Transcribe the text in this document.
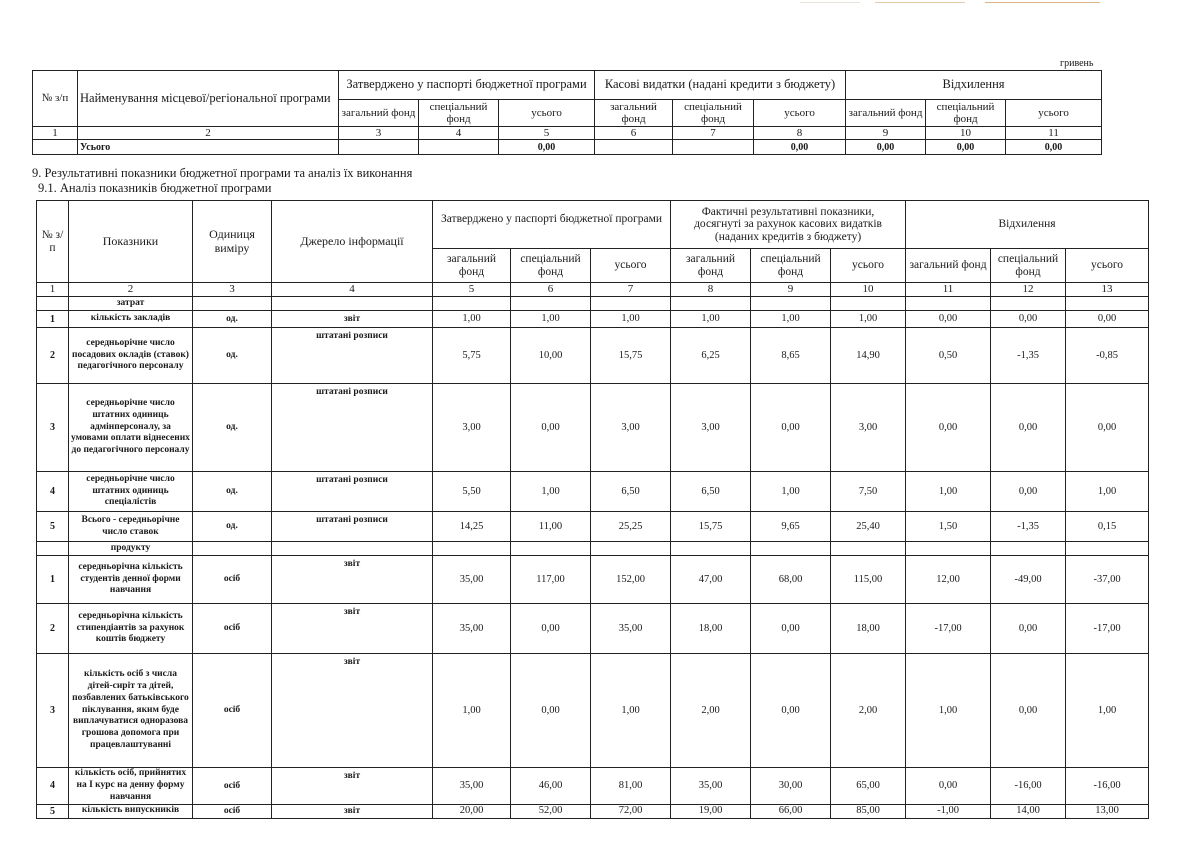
гривень
№ з/п	Найменування місцевої/регіональної програми	Затверджено у паспорті бюджетної програми			Касові видатки (надані кредити з бюджету)			Відхилення		
		загальний фонд	спеціальний фонд	усього	загальний фонд	спеціальний фонд	усього	загальний фонд	спеціальний фонд	усього
1	2	3	4	5	6	7	8	9	10	11
	Усього			0,00			0,00	0,00	0,00	0,00
9. Результативні показники бюджетної програми та аналіз їх виконання
9.1. Аналіз показників бюджетної програми
№ з/п	Показники	Одиниця виміру	Джерело інформації	Затверджено у паспорті бюджетної програми			Фактичні результативні показники, досягнуті за рахунок касових видатків (наданих кредитів з бюджету)			Відхилення		
				загальний фонд	спеціальний фонд	усього	загальний фонд	спеціальний фонд	усього	загальний фонд	спеціальний фонд	усього
1	2	3	4	5	6	7	8	9	10	11	12	13
	затрат											
1	кількість закладів	од.	звіт	1,00	1,00	1,00	1,00	1,00	1,00	0,00	0,00	0,00
2	середньорічне число посадових окладів (ставок) педагогічного персоналу	од.	штатані розписи	5,75	10,00	15,75	6,25	8,65	14,90	0,50	-1,35	-0,85
3	середньорічне число штатних одиниць адмінперсоналу, за умовами оплати віднесених до педагогічного персоналу	од.	штатані розписи	3,00	0,00	3,00	3,00	0,00	3,00	0,00	0,00	0,00
4	середньорічне число штатних одиниць спеціалістів	од.	штатані розписи	5,50	1,00	6,50	6,50	1,00	7,50	1,00	0,00	1,00
5	Всього - середньорічне число ставок	од.	штатані розписи	14,25	11,00	25,25	15,75	9,65	25,40	1,50	-1,35	0,15
	продукту											
1	середньорічна кількість студентів денної форми навчання	осіб	звіт	35,00	117,00	152,00	47,00	68,00	115,00	12,00	-49,00	-37,00
2	середньорічна кількість стипендіантів за рахунок коштів бюджету	осіб	звіт	35,00	0,00	35,00	18,00	0,00	18,00	-17,00	0,00	-17,00
3	кількість осіб з числа дітей-сиріт та дітей, позбавлених батьківського піклування, яким буде виплачуватися одноразова грошова допомога при працевлаштуванні	осіб	звіт	1,00	0,00	1,00	2,00	0,00	2,00	1,00	0,00	1,00
4	кількість осіб, прийнятих на І курс на денну форму навчання	осіб	звіт	35,00	46,00	81,00	35,00	30,00	65,00	0,00	-16,00	-16,00
5	кількість випускників	осіб	звіт	20,00	52,00	72,00	19,00	66,00	85,00	-1,00	14,00	13,00
